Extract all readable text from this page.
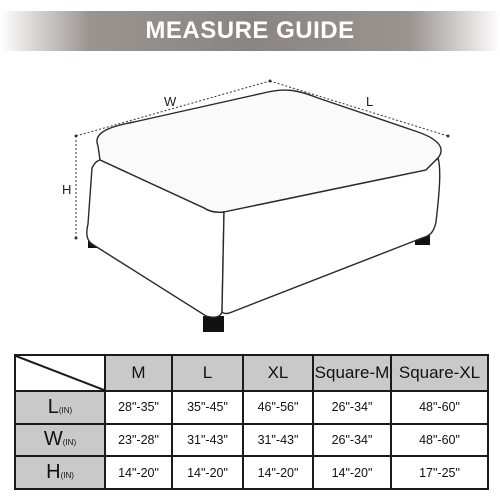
MEASURE GUIDE
W	L
H
	M	L	XL	Square-M	Square-XL
L(IN)	28"-35"	35"-45"	46"-56"	26"-34"	48"-60"
W(IN)	23"-28"	31"-43"	31"-43"	26"-34"	48"-60"
H(IN)	14"-20"	14"-20"	14"-20"	14"-20"	17"-25"
